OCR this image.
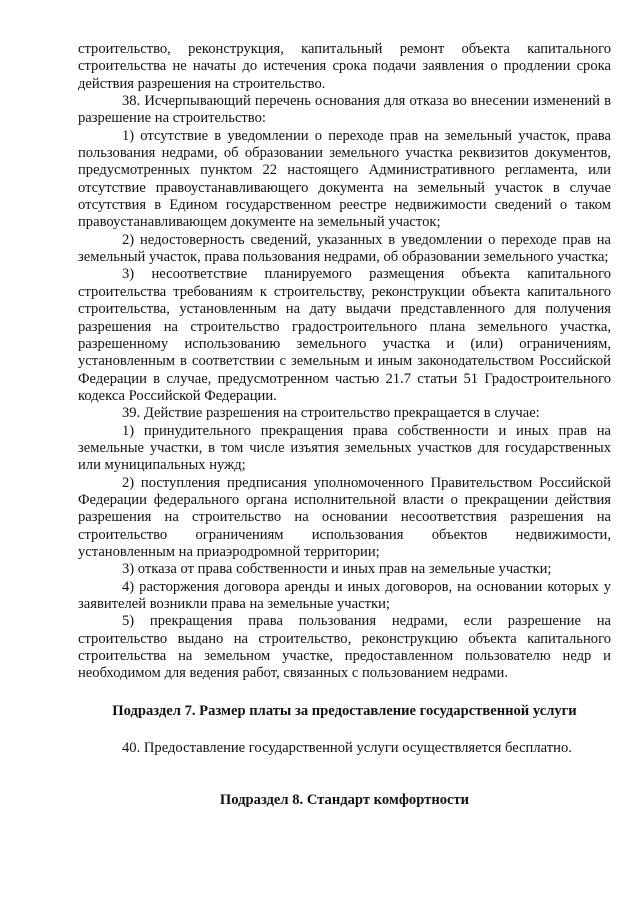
строительство, реконструкция, капитальный ремонт объекта капитального строительства не начаты до истечения срока подачи заявления о продлении срока действия разрешения на строительство.

38. Исчерпывающий перечень основания для отказа во внесении изменений в разрешение на строительство:

1) отсутствие в уведомлении о переходе прав на земельный участок, права пользования недрами, об образовании земельного участка реквизитов документов, предусмотренных пунктом 22 настоящего Административного регламента, или отсутствие правоустанавливающего документа на земельный участок в случае отсутствия в Едином государственном реестре недвижимости сведений о таком правоустанавливающем документе на земельный участок;

2) недостоверность сведений, указанных в уведомлении о переходе прав на земельный участок, права пользования недрами, об образовании земельного участка;

3) несоответствие планируемого размещения объекта капитального строительства требованиям к строительству, реконструкции объекта капитального строительства, установленным на дату выдачи представленного для получения разрешения на строительство градостроительного плана земельного участка, разрешенному использованию земельного участка и (или) ограничениям, установленным в соответствии с земельным и иным законодательством Российской Федерации в случае, предусмотренном частью 21.7 статьи 51 Градостроительного кодекса Российской Федерации.

39. Действие разрешения на строительство прекращается в случае:

1) принудительного прекращения права собственности и иных прав на земельные участки, в том числе изъятия земельных участков для государственных или муниципальных нужд;

2) поступления предписания уполномоченного Правительством Российской Федерации федерального органа исполнительной власти о прекращении действия разрешения на строительство на основании несоответствия разрешения на строительство ограничениям использования объектов недвижимости, установленным на приаэродромной территории;

3) отказа от права собственности и иных прав на земельные участки;

4) расторжения договора аренды и иных договоров, на основании которых у заявителей возникли права на земельные участки;

5) прекращения права пользования недрами, если разрешение на строительство выдано на строительство, реконструкцию объекта капитального строительства на земельном участке, предоставленном пользователю недр и необходимом для ведения работ, связанных с пользованием недрами.

Подраздел 7. Размер платы за предоставление государственной услуги

40. Предоставление государственной услуги осуществляется бесплатно.

Подраздел 8. Стандарт комфортности
